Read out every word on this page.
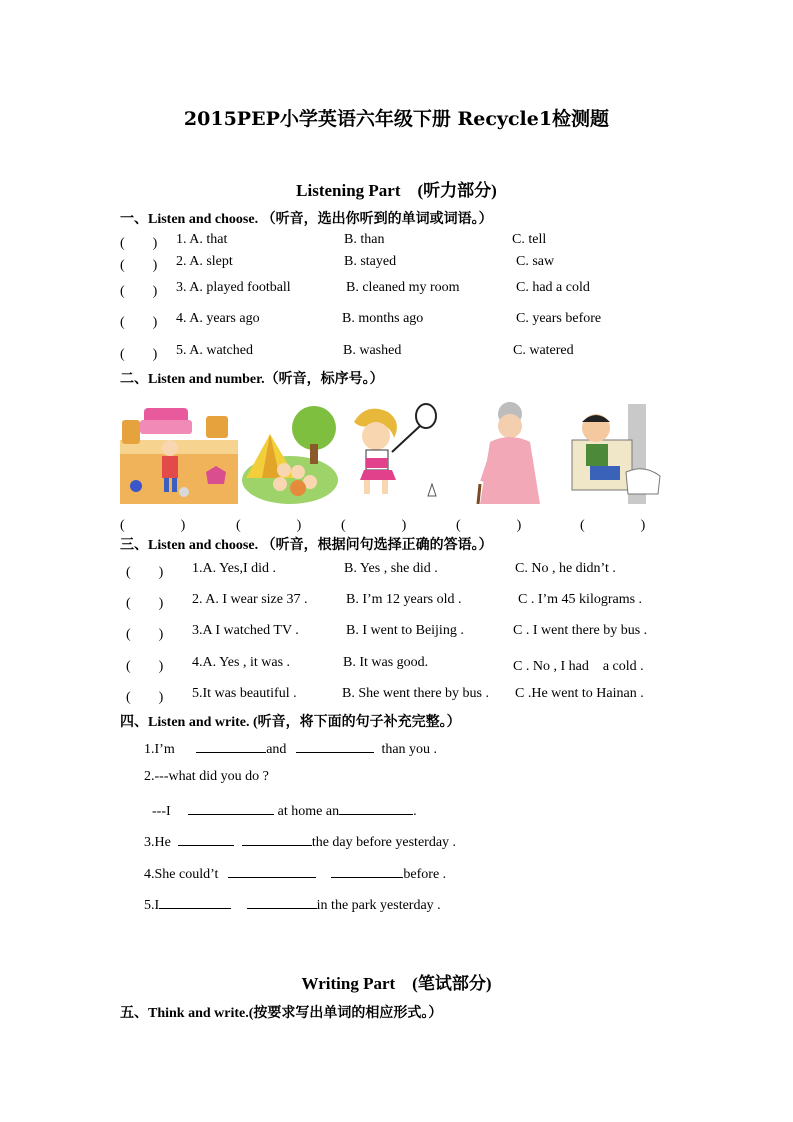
2015PEP小学英语六年级下册 Recycle1检测题
Listening Part　(听力部分)
一、Listen and choose. （听音，选出你听到的单词或词语。）
(　　) 1. A. that	B. than	C. tell
(　　) 2. A. slept	B. stayed	C. saw
(　　) 3. A. played football	B. cleaned my room	C. had a cold
(　　) 4. A. years ago	B. months ago	C. years before
(　　) 5. A. watched	B. washed	C. watered
二、Listen and number.（听音，标序号。）
(　　　　)	(　　　　)	(　　　　)	(　　　　)	(　　　　)
三、Listen and choose. （听音，根据问句选择正确的答语。）
(　　) 1.A. Yes,I did .	B. Yes , she did .	C. No , he didn’t .
(　　) 2. A. I wear size 37 .	B. I’m 12 years old .	C . I’m 45 kilograms .
(　　) 3.A I watched TV .	B. I went to Beijing .	C . I went there by bus .
(　　) 4.A. Yes , it was .	B. It was good.	C . No , I had　a cold .
(　　) 5.It was beautiful .	B. She went there by bus . C .He went to Hainan .
四、Listen and write. (听音，将下面的句子补充完整。）
1.I’m	and	than you .
2.---what did you do ?
---I	at home an	.
3.He	the day before yesterday .
4.She could’t	before .
5.I	in the park yesterday .
Writing Part　(笔试部分)
五、Think and write.(按要求写出单词的相应形式。）
